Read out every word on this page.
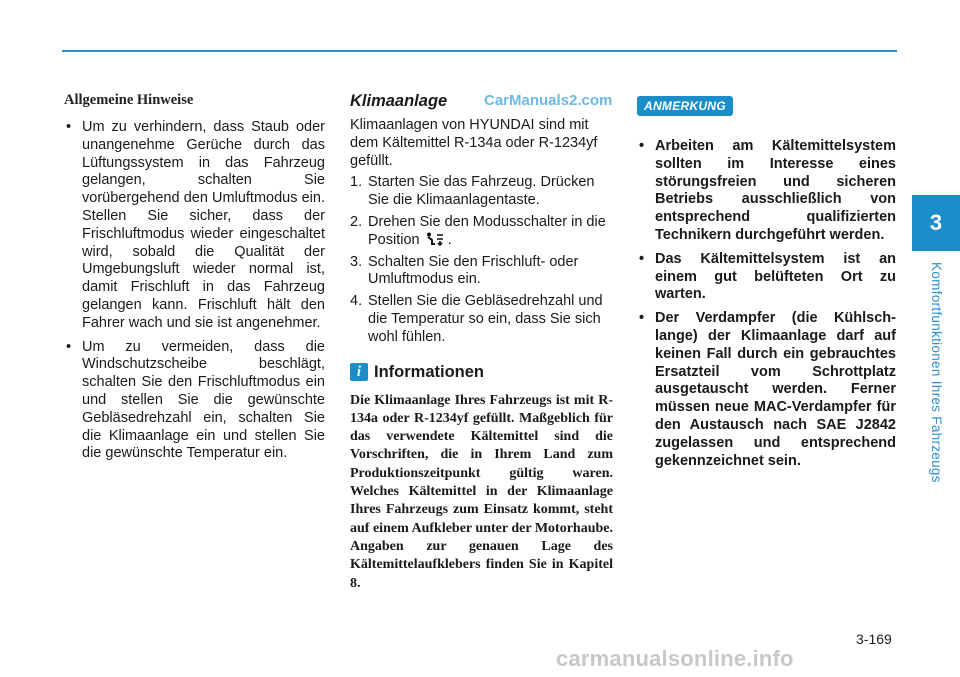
3
Komfortfunktionen Ihres Fahrzeugs

Allgemeine Hinweise

• Um zu verhindern, dass Staub oder unangenehme Gerüche durch das Lüftungssystem in das Fahrzeug gelangen, schalten Sie vorübergehend den Umluftmodus ein. Stellen Sie sicher, dass der Frischluftmodus wieder eingeschaltet wird, sobald die Qualität der Umgebungsluft wieder normal ist, damit Frischluft in das Fahrzeug gelangen kann. Frischluft hält den Fahrer wach und sie ist angenehmer.
• Um zu vermeiden, dass die Windschutzscheibe beschlägt, schalten Sie den Frischluftmodus ein und stellen Sie die gewünschte Gebläsedrehzahl ein, schalten Sie die Klimaanlage ein und stellen Sie die gewünschte Temperatur ein.

Klimaanlage

Klimaanlagen von HYUNDAI sind mit dem Kältemittel R-134a oder R-1234yf gefüllt.

1. Starten Sie das Fahrzeug. Drücken Sie die Klimaanlagentaste.
2. Drehen Sie den Modusschalter in die Position .
3. Schalten Sie den Frischluft- oder Umluftmodus ein.
4. Stellen Sie die Gebläsedrehzahl und die Temperatur so ein, dass Sie sich wohl fühlen.
i Informationen

Die Klimaanlage Ihres Fahrzeugs ist mit R-134a oder R-1234yf gefüllt. Maßgeblich für das verwendete Kältemittel sind die Vorschriften, die in Ihrem Land zum Produktionszeitpunkt gültig waren. Welches Kältemittel in der Klimaanlage Ihres Fahrzeugs zum Einsatz kommt, steht auf einem Aufkleber unter der Motorhaube. Angaben zur genauen Lage des Kältemittelaufklebers finden Sie in Kapitel 8.

CarManuals2.com	ANMERKUNG
• Arbeiten am Kältemittelsystem sollten im Interesse eines störungsfreien und sicheren Betriebs ausschließlich von entsprechend qualifizierten Technikern durchgeführt werden.
• Das Kältemittelsystem ist an einem gut belüfteten Ort zu warten.
• Der Verdampfer (die Kühlschlange) der Klimaanlage darf auf keinen Fall durch ein gebrauchtes Ersatzteil vom Schrottplatz ausgetauscht werden. Ferner müssen neue MAC-Verdampfer für den Austausch nach SAE J2842 zugelassen und entsprechend gekennzeichnet sein.
3-169
carmanualsonline.info
